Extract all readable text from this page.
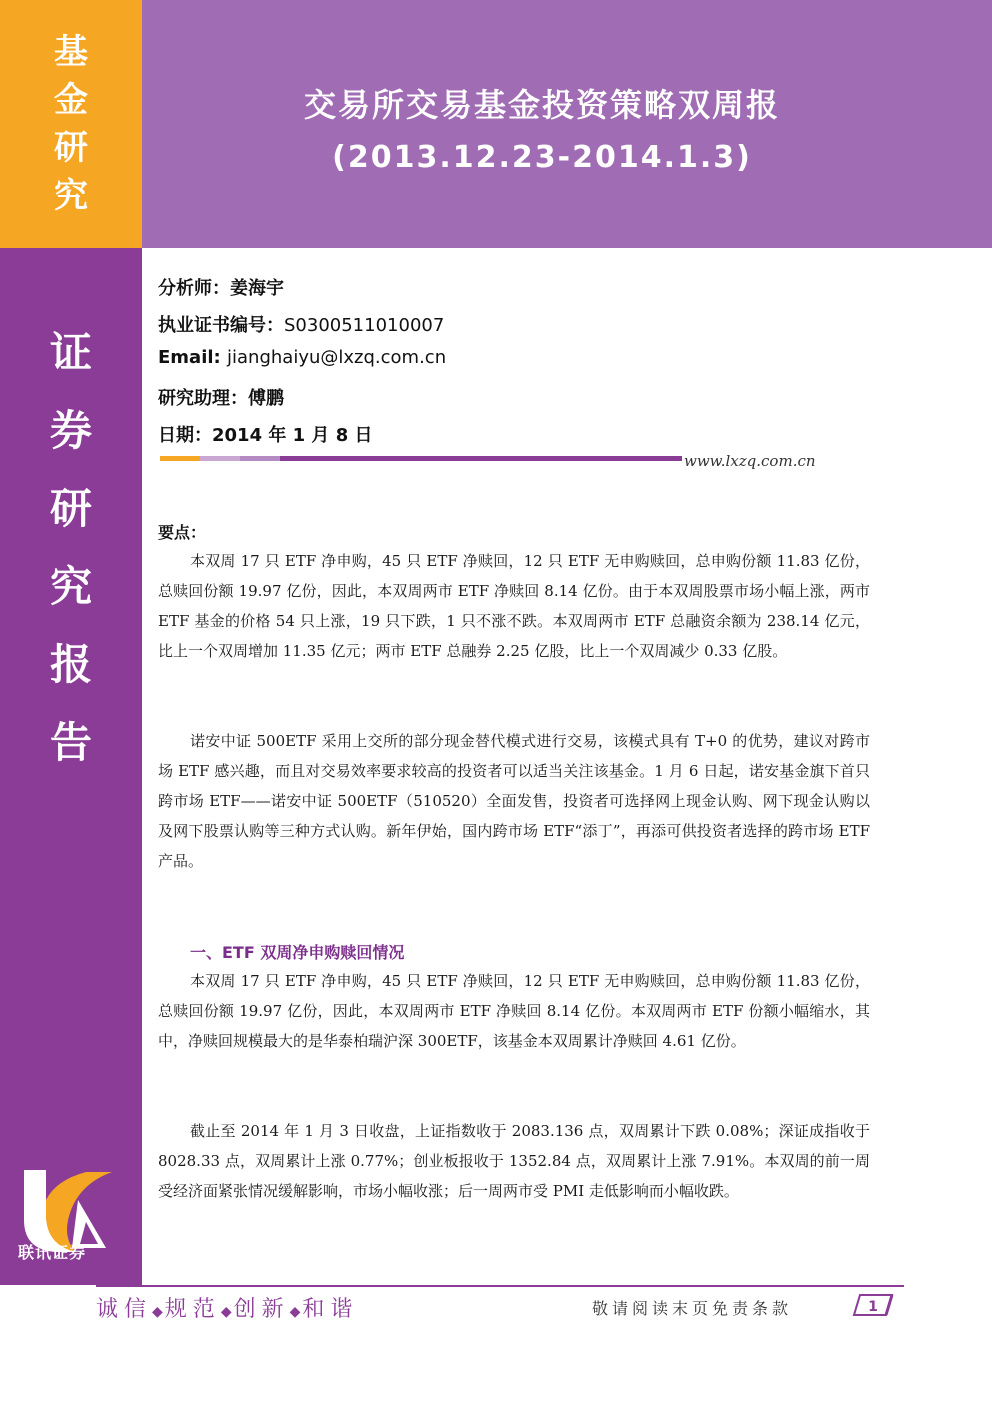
基
金
研
究
证
券
研
究
报
告
联讯证券
交易所交易基金投资策略双周报
(2013.12.23-2014.1.3)
分析师：姜海宇
执业证书编号：S0300511010007
Email: jianghaiyu@lxzq.com.cn
研究助理：傅鹏
日期：2014 年 1 月 8 日
www.lxzq.com.cn
要点：
本双周 17 只 ETF 净申购，45 只 ETF 净赎回，12 只 ETF 无申购赎回，总申购份额 11.83 亿份，总赎回份额 19.97 亿份，因此，本双周两市 ETF 净赎回 8.14 亿份。由于本双周股票市场小幅上涨，两市 ETF 基金的价格 54 只上涨，19 只下跌，1 只不涨不跌。本双周两市 ETF 总融资余额为 238.14 亿元，比上一个双周增加 11.35 亿元；两市 ETF 总融券 2.25 亿股，比上一个双周减少 0.33 亿股。
诺安中证 500ETF 采用上交所的部分现金替代模式进行交易，该模式具有 T+0 的优势，建议对跨市场 ETF 感兴趣，而且对交易效率要求较高的投资者可以适当关注该基金。1 月 6 日起，诺安基金旗下首只跨市场 ETF——诺安中证 500ETF（510520）全面发售，投资者可选择网上现金认购、网下现金认购以及网下股票认购等三种方式认购。新年伊始，国内跨市场 ETF“添丁”，再添可供投资者选择的跨市场 ETF 产品。
一、ETF 双周净申购赎回情况
本双周 17 只 ETF 净申购，45 只 ETF 净赎回，12 只 ETF 无申购赎回，总申购份额 11.83 亿份，总赎回份额 19.97 亿份，因此，本双周两市 ETF 净赎回 8.14 亿份。本双周两市 ETF 份额小幅缩水，其中，净赎回规模最大的是华泰柏瑞沪深 300ETF，该基金本双周累计净赎回 4.61 亿份。
截止至 2014 年 1 月 3 日收盘，上证指数收于 2083.136 点，双周累计下跌 0.08%；深证成指收于 8028.33 点，双周累计上涨 0.77%；创业板报收于 1352.84 点，双周累计上涨 7.91%。本双周的前一周受经济面紧张情况缓解影响，市场小幅收涨；后一周两市受 PMI 走低影响而小幅收跌。
诚信◆规范◆创新◆和谐	敬请阅读末页免责条款	1
